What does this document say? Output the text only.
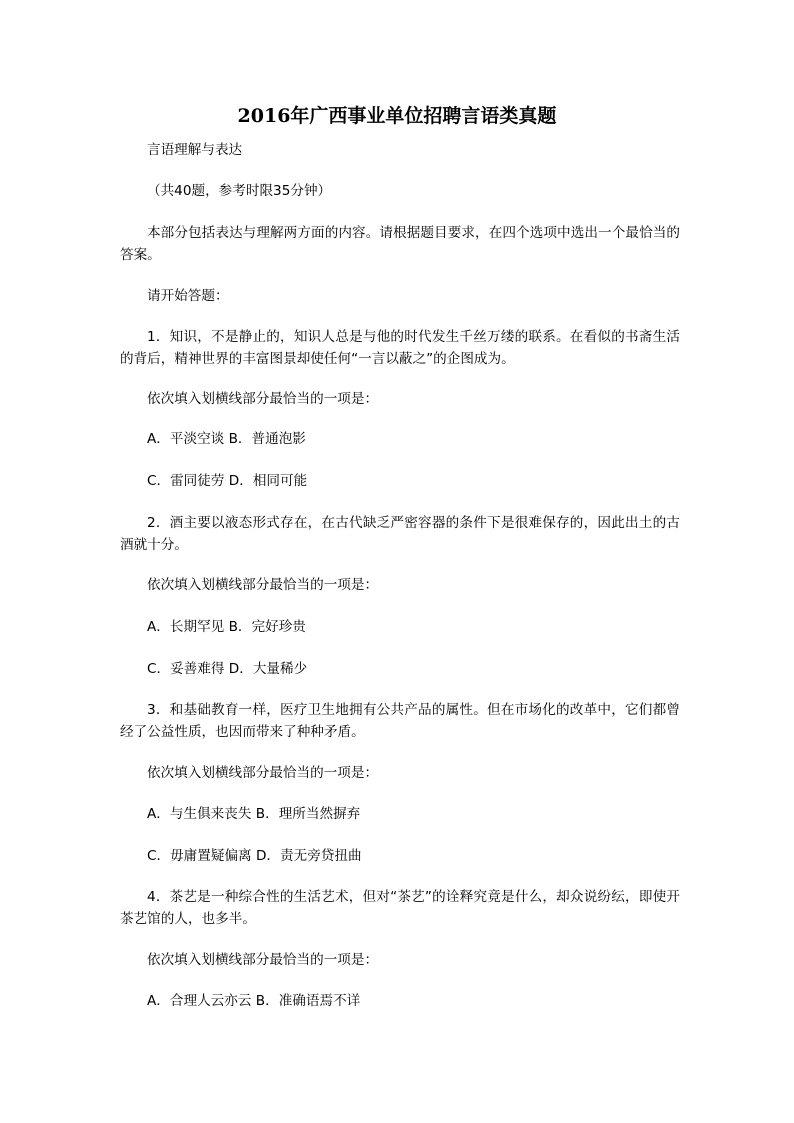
2016年广西事业单位招聘言语类真题
言语理解与表达
（共40题，参考时限35分钟）
本部分包括表达与理解两方面的内容。请根据题目要求，在四个选项中选出一个最恰当的答案。
请开始答题：
1．知识，不是静止的，知识人总是与他的时代发生千丝万缕的联系。在看似的书斋生活的背后，精神世界的丰富图景却使任何“一言以蔽之”的企图成为。
依次填入划横线部分最恰当的一项是：
A．平淡空谈 B．普通泡影
C．雷同徒劳 D．相同可能
2．酒主要以液态形式存在，在古代缺乏严密容器的条件下是很难保存的，因此出土的古酒就十分。
依次填入划横线部分最恰当的一项是：
A．长期罕见 B．完好珍贵
C．妥善难得 D．大量稀少
3．和基础教育一样，医疗卫生地拥有公共产品的属性。但在市场化的改革中，它们都曾经了公益性质，也因而带来了种种矛盾。
依次填入划横线部分最恰当的一项是：
A．与生俱来丧失 B．理所当然摒弃
C．毋庸置疑偏离 D．责无旁贷扭曲
4．茶艺是一种综合性的生活艺术，但对“茶艺”的诠释究竟是什么，却众说纷纭，即使开茶艺馆的人，也多半。
依次填入划横线部分最恰当的一项是：
A．合理人云亦云 B．准确语焉不详
